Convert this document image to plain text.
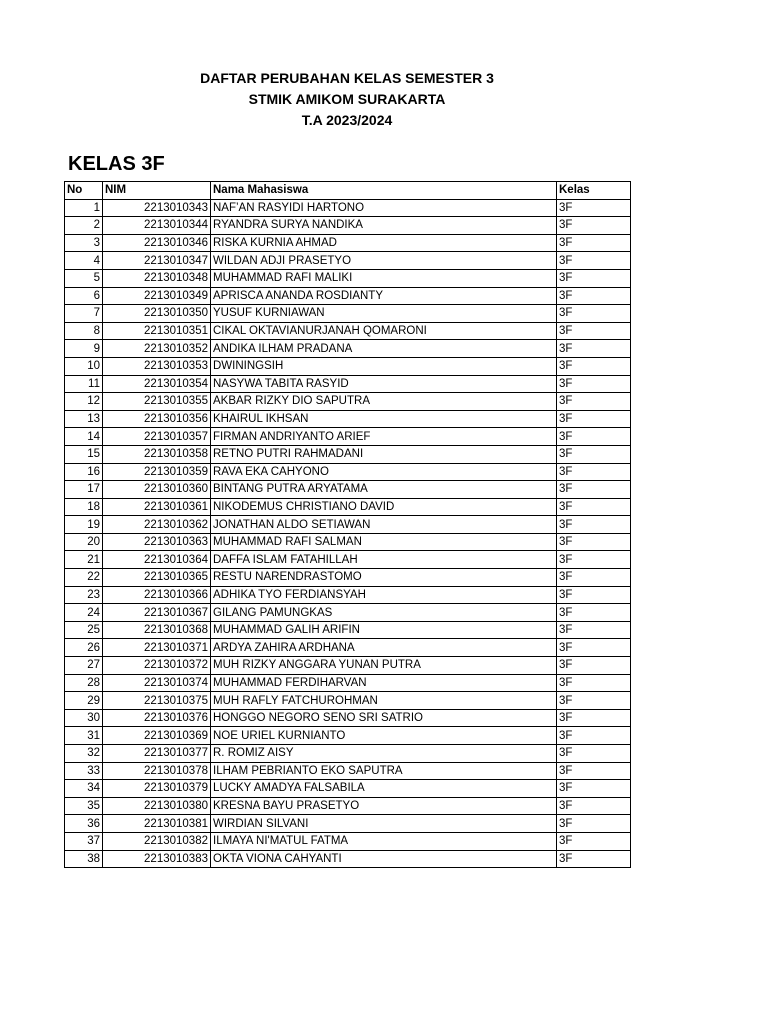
DAFTAR PERUBAHAN KELAS SEMESTER 3
STMIK AMIKOM SURAKARTA
T.A 2023/2024
KELAS 3F
No	NIM	Nama Mahasiswa	Kelas
1	2213010343	NAF’AN RASYIDI HARTONO	3F
2	2213010344	RYANDRA SURYA NANDIKA	3F
3	2213010346	RISKA KURNIA AHMAD	3F
4	2213010347	WILDAN ADJI PRASETYO	3F
5	2213010348	MUHAMMAD RAFI MALIKI	3F
6	2213010349	APRISCA ANANDA ROSDIANTY	3F
7	2213010350	YUSUF KURNIAWAN	3F
8	2213010351	CIKAL OKTAVIANURJANAH QOMARONI	3F
9	2213010352	ANDIKA ILHAM PRADANA	3F
10	2213010353	DWININGSIH	3F
11	2213010354	NASYWA TABITA RASYID	3F
12	2213010355	AKBAR RIZKY DIO SAPUTRA	3F
13	2213010356	KHAIRUL IKHSAN	3F
14	2213010357	FIRMAN ANDRIYANTO ARIEF	3F
15	2213010358	RETNO PUTRI RAHMADANI	3F
16	2213010359	RAVA EKA CAHYONO	3F
17	2213010360	BINTANG PUTRA ARYATAMA	3F
18	2213010361	NIKODEMUS CHRISTIANO DAVID	3F
19	2213010362	JONATHAN ALDO SETIAWAN	3F
20	2213010363	MUHAMMAD RAFI SALMAN	3F
21	2213010364	DAFFA ISLAM FATAHILLAH	3F
22	2213010365	RESTU NARENDRASTOMO	3F
23	2213010366	ADHIKA TYO FERDIANSYAH	3F
24	2213010367	GILANG PAMUNGKAS	3F
25	2213010368	MUHAMMAD GALIH ARIFIN	3F
26	2213010371	ARDYA ZAHIRA ARDHANA	3F
27	2213010372	MUH RIZKY ANGGARA YUNAN PUTRA	3F
28	2213010374	MUHAMMAD FERDIHARVAN	3F
29	2213010375	MUH RAFLY FATCHUROHMAN	3F
30	2213010376	HONGGO NEGORO SENO SRI SATRIO	3F
31	2213010369	NOE URIEL KURNIANTO	3F
32	2213010377	R. ROMIZ AISY	3F
33	2213010378	ILHAM PEBRIANTO EKO SAPUTRA	3F
34	2213010379	LUCKY AMADYA FALSABILA	3F
35	2213010380	KRESNA BAYU PRASETYO	3F
36	2213010381	WIRDIAN SILVANI	3F
37	2213010382	ILMAYA NI'MATUL FATMA	3F
38	2213010383	OKTA VIONA CAHYANTI	3F
